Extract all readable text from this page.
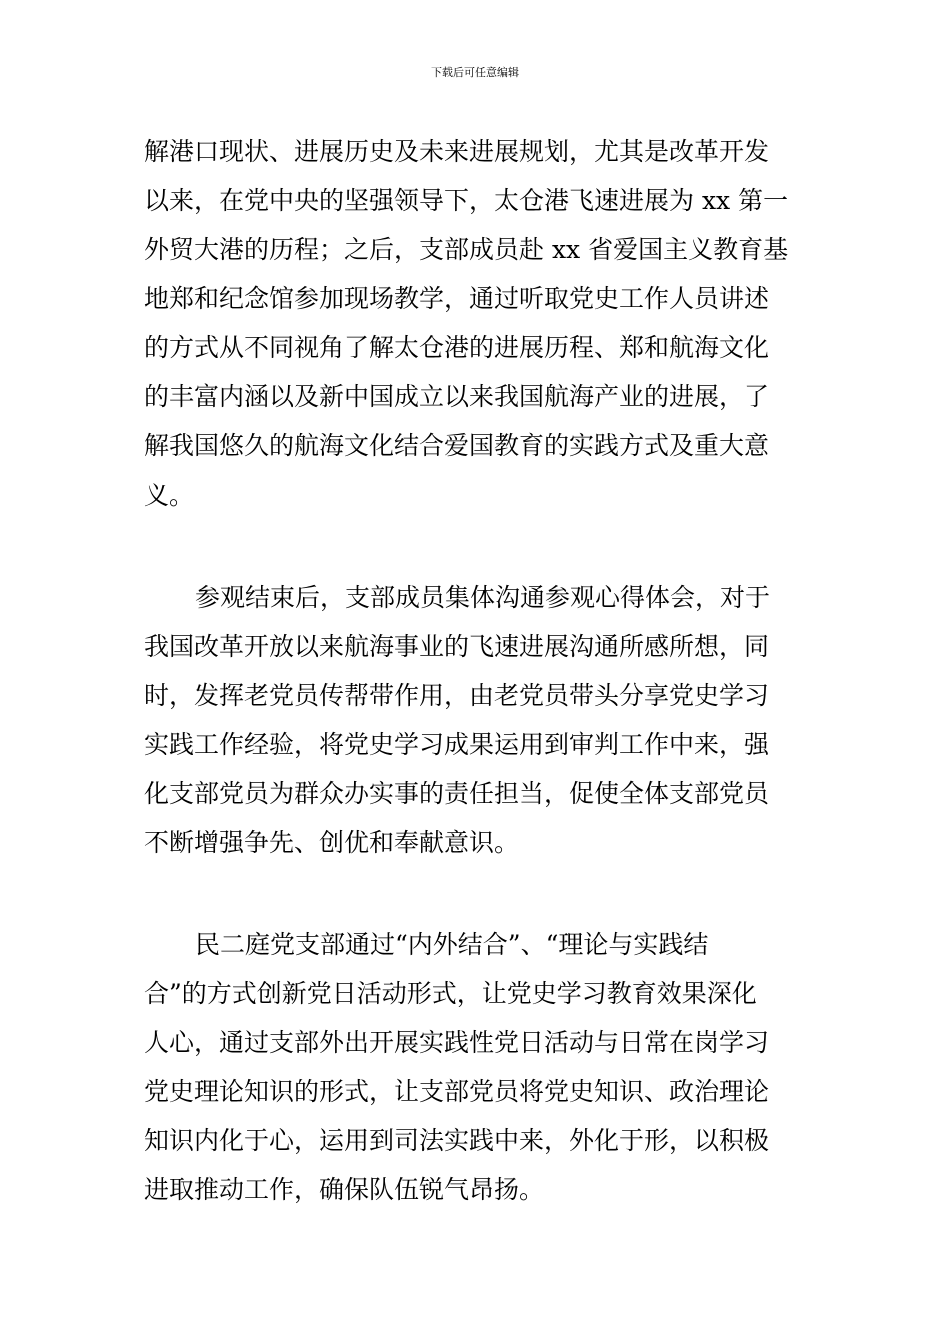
下载后可任意编辑
解港口现状、进展历史及未来进展规划，尤其是改革开发
以来，在党中央的坚强领导下，太仓港飞速进展为 xx 第一
外贸大港的历程；之后，支部成员赴 xx 省爱国主义教育基
地郑和纪念馆参加现场教学，通过听取党史工作人员讲述
的方式从不同视角了解太仓港的进展历程、郑和航海文化
的丰富内涵以及新中国成立以来我国航海产业的进展，了
解我国悠久的航海文化结合爱国教育的实践方式及重大意
义。
参观结束后，支部成员集体沟通参观心得体会，对于
我国改革开放以来航海事业的飞速进展沟通所感所想，同
时，发挥老党员传帮带作用，由老党员带头分享党史学习
实践工作经验，将党史学习成果运用到审判工作中来，强
化支部党员为群众办实事的责任担当，促使全体支部党员
不断增强争先、创优和奉献意识。
民二庭党支部通过“内外结合”、“理论与实践结
合”的方式创新党日活动形式，让党史学习教育效果深化
人心，通过支部外出开展实践性党日活动与日常在岗学习
党史理论知识的形式，让支部党员将党史知识、政治理论
知识内化于心，运用到司法实践中来，外化于形，以积极
进取推动工作，确保队伍锐气昂扬。
